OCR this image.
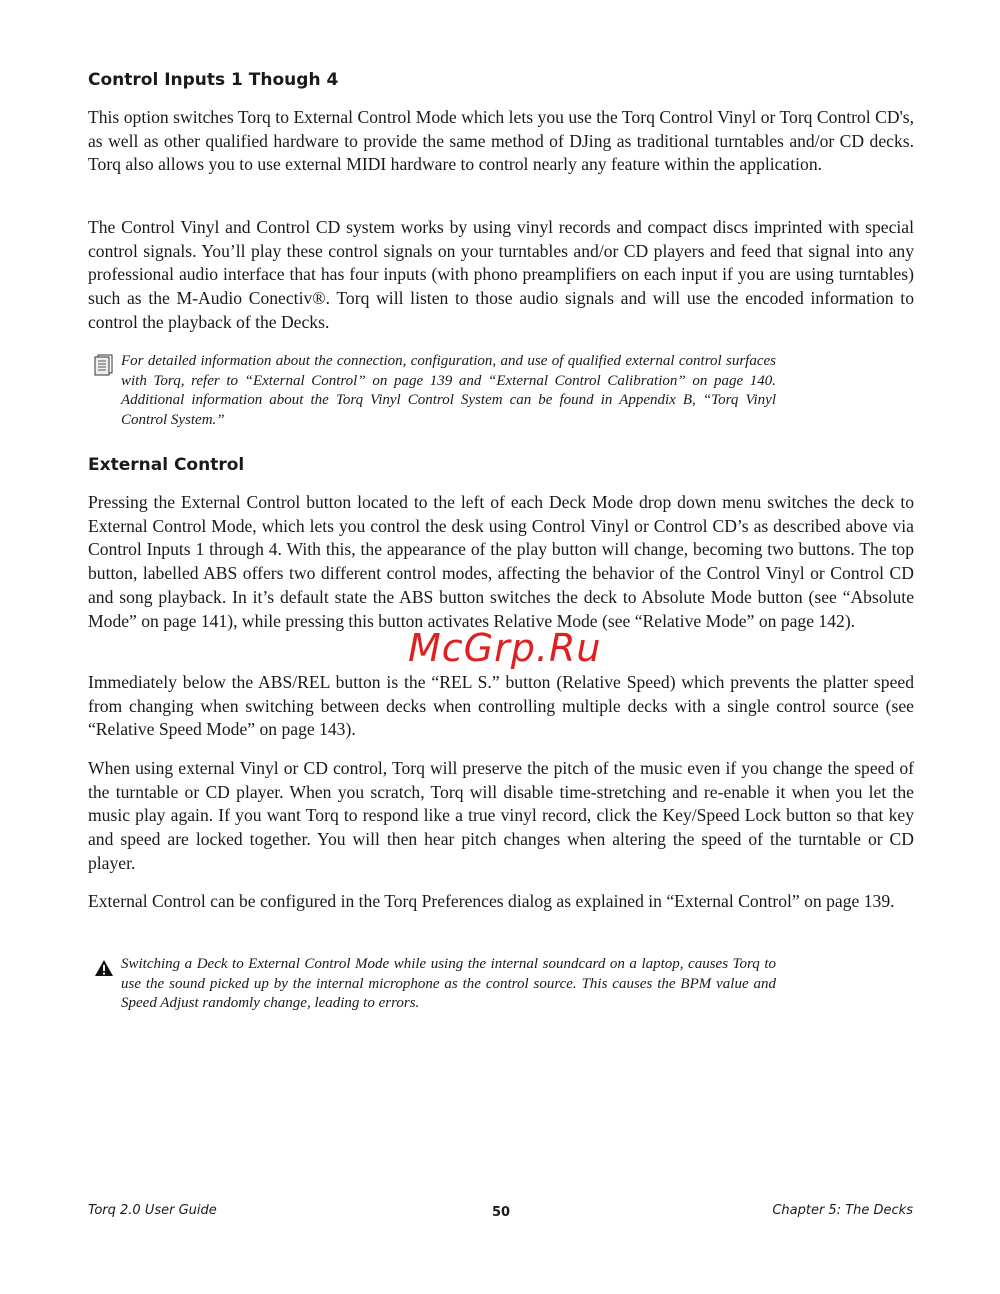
Control Inputs 1 Though 4

This option switches Torq to External Control Mode which lets you use the Torq Control Vinyl or Torq Control CD's, as well as other qualified hardware to provide the same method of DJing as traditional turntables and/or CD decks. Torq also allows you to use external MIDI hardware to control nearly any feature within the application.

The Control Vinyl and Control CD system works by using vinyl records and compact discs imprinted with special control signals. You’ll play these control signals on your turntables and/or CD players and feed that signal into any professional audio interface that has four inputs (with phono preamplifiers on each input if you are using turntables) such as the M-Audio Conectiv®. Torq will listen to those audio signals and will use the encoded information to control the playback of the Decks.

For detailed information about the connection, configuration, and use of qualified external control surfaces with Torq, refer to “External Control” on page 139 and “External Control Calibration” on page 140. Additional information about the Torq Vinyl Control System can be found in Appendix B, “Torq Vinyl Control System.”

External Control

Pressing the External Control button located to the left of each Deck Mode drop down menu switches the deck to External Control Mode, which lets you control the desk using Control Vinyl or Control CD’s as described above via Control Inputs 1 through 4. With this, the appearance of the play button will change, becoming two buttons. The top button, labelled ABS offers two different control modes, affecting the behavior of the Control Vinyl or Control CD and song playback. In it’s default state the ABS button switches the deck to Absolute Mode button (see “Absolute Mode” on page 141), while pressing this button activates Relative Mode (see “Relative Mode” on page 142).

Immediately below the ABS/REL button is the “REL S.” button (Relative Speed) which prevents the platter speed from changing when switching between decks when controlling multiple decks with a single control source (see “Relative Speed Mode” on page 143).

When using external Vinyl or CD control, Torq will preserve the pitch of the music even if you change the speed of the turntable or CD player. When you scratch, Torq will disable time-stretching and re-enable it when you let the music play again. If you want Torq to respond like a true vinyl record, click the Key/Speed Lock button so that key and speed are locked together. You will then hear pitch changes when altering the speed of the turntable or CD player.

External Control can be configured in the Torq Preferences dialog as explained in “External Control” on page 139.

Switching a Deck to External Control Mode while using the internal soundcard on a laptop, causes Torq to use the sound picked up by the internal microphone as the control source. This causes the BPM value and Speed Adjust randomly change, leading to errors.

McGrp.Ru
Torq 2.0 User Guide	50	Chapter 5: The Decks
